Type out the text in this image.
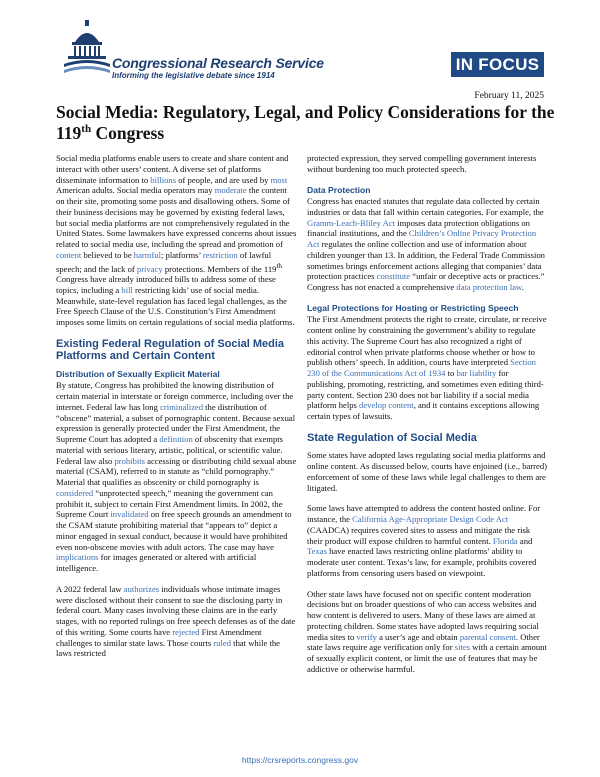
Congressional Research Service
Informing the legislative debate since 1914
IN FOCUS
February 11, 2025
Social Media: Regulatory, Legal, and Policy Considerations for the 119th Congress

Social media platforms enable users to create and share content and interact with other users’ content. A diverse set of platforms disseminate information to billions of people, and are used by most American adults. Social media operators may moderate the content on their site, promoting some posts and disallowing others. Some of their business decisions may be governed by existing federal laws, but social media platforms are not comprehensively regulated in the United States. Some lawmakers have expressed concerns about issues related to social media use, including the spread and promotion of content believed to be harmful; platforms’ restriction of lawful speech; and the lack of privacy protections. Members of the 119th Congress have already introduced bills to address some of these topics, including a bill restricting kids’ use of social media. Meanwhile, state-level regulation has faced legal challenges, as the Free Speech Clause of the U.S. Constitution’s First Amendment imposes some limits on certain regulations of social media platforms.

Existing Federal Regulation of Social Media Platforms and Certain Content
Distribution of Sexually Explicit Material

By statute, Congress has prohibited the knowing distribution of certain material in interstate or foreign commerce, including over the internet. Federal law has long criminalized the distribution of “obscene” material, a subset of pornographic content. Because sexual expression is generally protected under the First Amendment, the Supreme Court has adopted a definition of obscenity that exempts material with serious literary, artistic, political, or scientific value. Federal law also prohibits accessing or distributing child sexual abuse material (CSAM), referred to in statute as “child pornography.” Material that qualifies as obscenity or child pornography is considered “unprotected speech,” meaning the government can prohibit it, subject to certain First Amendment limits. In 2002, the Supreme Court invalidated on free speech grounds an amendment to the CSAM statute prohibiting material that “appears to” depict a minor engaged in sexual conduct, because it would have prohibited even non-obscene movies with adult actors. The case may have implications for images generated or altered with artificial intelligence.

A 2022 federal law authorizes individuals whose intimate images were disclosed without their consent to sue the disclosing party in federal court. Many cases involving these claims are in the early stages, with no reported rulings on free speech defenses as of the date of this writing. Some courts have rejected First Amendment challenges to similar state laws. Those courts ruled that while the laws restricted

protected expression, they served compelling government interests without burdening too much protected speech.

Data Protection

Congress has enacted statutes that regulate data collected by certain industries or data that fall within certain categories. For example, the Gramm-Leach-Bliley Act imposes data protection obligations on financial institutions, and the Children’s Online Privacy Protection Act regulates the online collection and use of information about children younger than 13. In addition, the Federal Trade Commission sometimes brings enforcement actions alleging that companies’ data protection practices constitute “unfair or deceptive acts or practices.” Congress has not enacted a comprehensive data protection law.

Legal Protections for Hosting or Restricting Speech

The First Amendment protects the right to create, circulate, or receive content online by constraining the government’s ability to regulate this activity. The Supreme Court has also recognized a right of editorial control when private platforms choose whether or how to publish others’ speech. In addition, courts have interpreted Section 230 of the Communications Act of 1934 to bar liability for publishing, promoting, restricting, and sometimes even editing third-party content. Section 230 does not bar liability if a social media platform helps develop content, and it contains exceptions allowing certain types of lawsuits.

State Regulation of Social Media

Some states have adopted laws regulating social media platforms and online content. As discussed below, courts have enjoined (i.e., barred) enforcement of some of these laws while legal challenges to them are litigated.

Some laws have attempted to address the content hosted online. For instance, the California Age-Appropriate Design Code Act (CAADCA) requires covered sites to assess and mitigate the risk their product will expose children to harmful content. Florida and Texas have enacted laws restricting online platforms’ ability to moderate user content. Texas’s law, for example, prohibits covered platforms from censoring users based on viewpoint.

Other state laws have focused not on specific content moderation decisions but on broader questions of who can access websites and how content is delivered to users. Many of these laws are aimed at protecting children. Some states have adopted laws requiring social media sites to verify a user’s age and obtain parental consent. Other state laws require age verification only for sites with a certain amount of sexually explicit content, or limit the use of features that may be addictive or otherwise harmful.

https://crsreports.congress.gov
